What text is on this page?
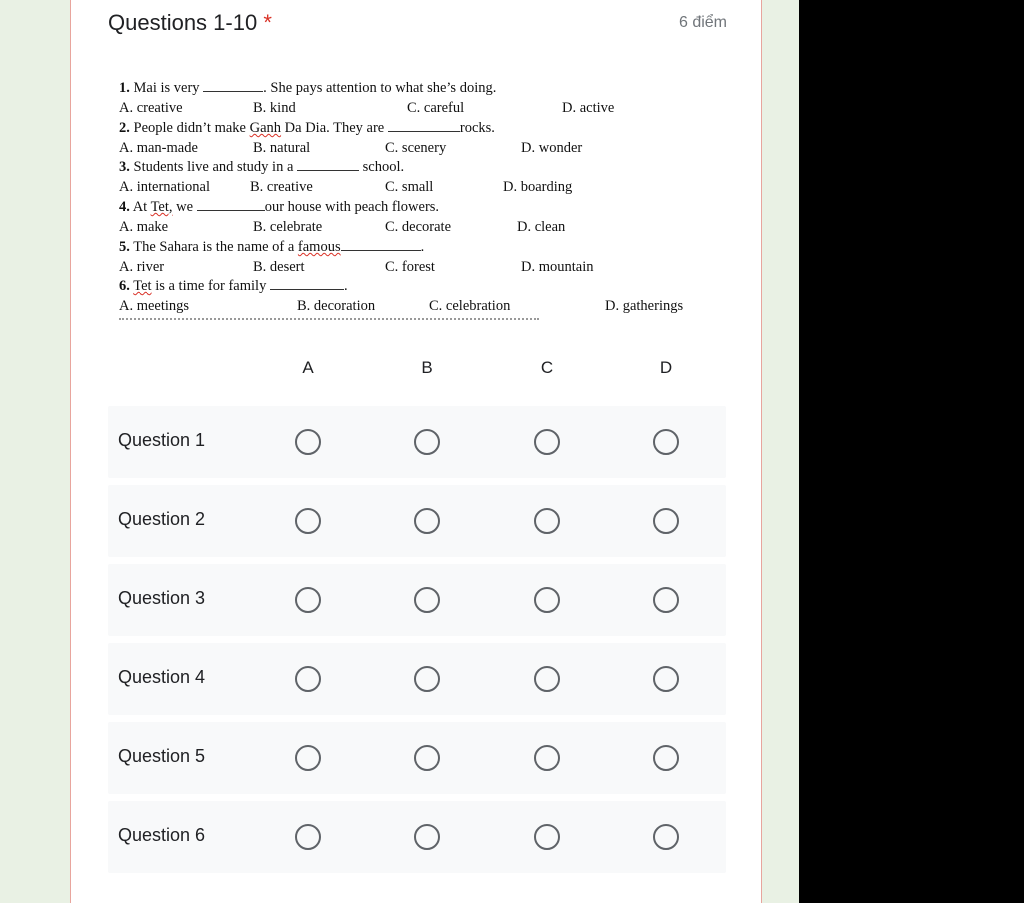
Questions 1-10 *	6 điểm
1. Mai is very	. She pays attention to what she’s doing.
A. creative	B. kind	C. careful	D. active
2. People didn’t make Ganh Da Dia. They are	rocks.
A. man-made	B. natural	C. scenery	D. wonder
3. Students live and study in a	school.
A. international	B. creative	C. small	D. boarding
4. At Tet, we	our house with peach flowers.
A. make	B. celebrate	C. decorate	D. clean
5. The Sahara is the name of a famous	.
A. river	B. desert	C. forest	D. mountain
6. Tet is a time for family	.
A. meetings	B. decoration	C. celebration	D. gatherings
A	B	C	D
Question 1
Question 2
Question 3
Question 4
Question 5
Question 6
